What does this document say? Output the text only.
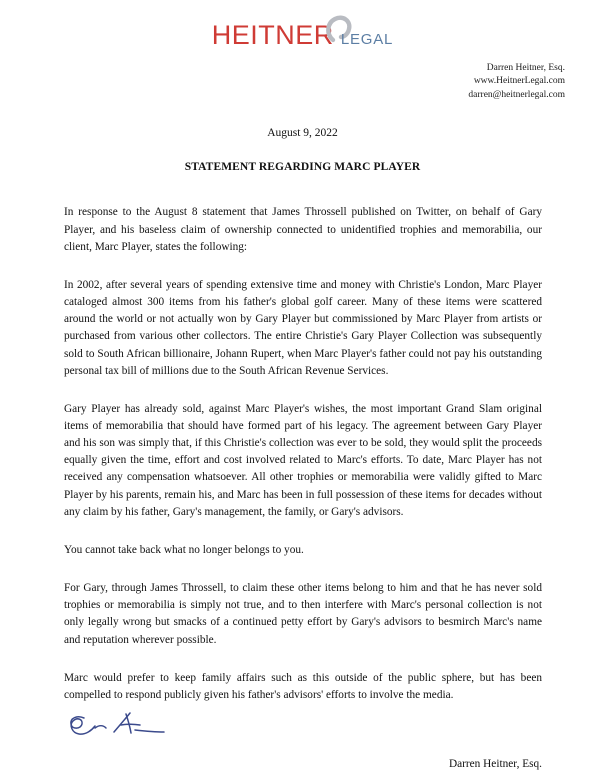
HEITNER LEGAL
Darren Heitner, Esq.
www.HeitnerLegal.com
darren@heitnerlegal.com
August 9, 2022
STATEMENT REGARDING MARC PLAYER

In response to the August 8 statement that James Throssell published on Twitter, on behalf of Gary Player, and his baseless claim of ownership connected to unidentified trophies and memorabilia, our client, Marc Player, states the following:

In 2002, after several years of spending extensive time and money with Christie's London, Marc Player cataloged almost 300 items from his father's global golf career. Many of these items were scattered around the world or not actually won by Gary Player but commissioned by Marc Player from artists or purchased from various other collectors. The entire Christie's Gary Player Collection was subsequently sold to South African billionaire, Johann Rupert, when Marc Player's father could not pay his outstanding personal tax bill of millions due to the South African Revenue Services.

Gary Player has already sold, against Marc Player's wishes, the most important Grand Slam original items of memorabilia that should have formed part of his legacy. The agreement between Gary Player and his son was simply that, if this Christie's collection was ever to be sold, they would split the proceeds equally given the time, effort and cost involved related to Marc's efforts. To date, Marc Player has not received any compensation whatsoever. All other trophies or memorabilia were validly gifted to Marc Player by his parents, remain his, and Marc has been in full possession of these items for decades without any claim by his father, Gary's management, the family, or Gary's advisors.

You cannot take back what no longer belongs to you.

For Gary, through James Throssell, to claim these other items belong to him and that he has never sold trophies or memorabilia is simply not true, and to then interfere with Marc's personal collection is not only legally wrong but smacks of a continued petty effort by Gary's advisors to besmirch Marc's name and reputation wherever possible.

Marc would prefer to keep family affairs such as this outside of the public sphere, but has been compelled to respond publicly given his father's advisors' efforts to involve the media.

Darren Heitner, Esq.
